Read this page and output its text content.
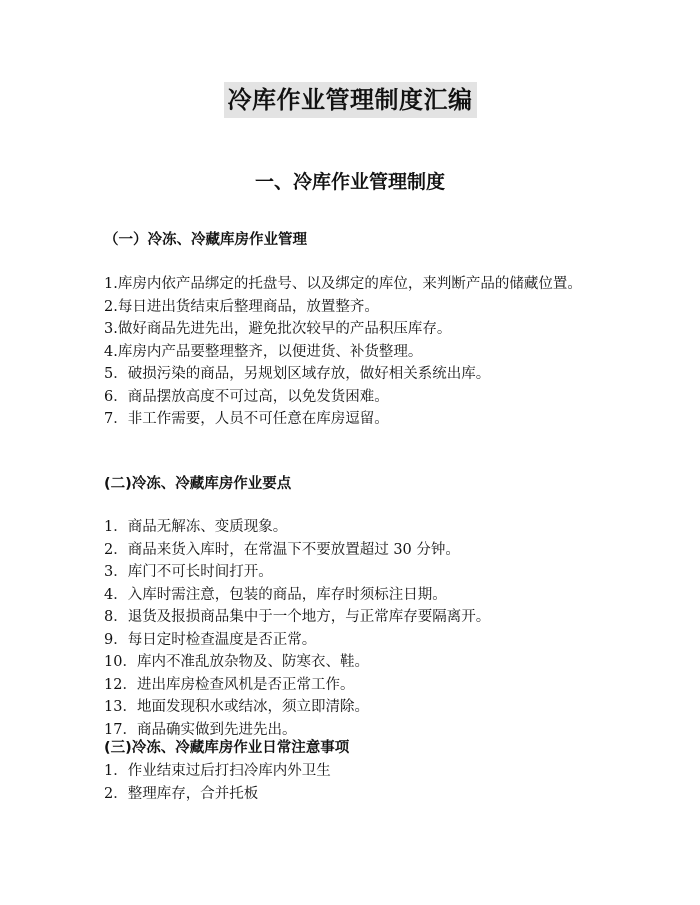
冷库作业管理制度汇编
一、冷库作业管理制度
（一）冷冻、冷藏库房作业管理
1.库房内依产品绑定的托盘号、以及绑定的库位，来判断产品的储藏位置。
2.每日进出货结束后整理商品，放置整齐。
3.做好商品先进先出，避免批次较早的产品积压库存。
4.库房内产品要整理整齐，以便进货、补货整理。
5．破损污染的商品，另规划区域存放，做好相关系统出库。
6．商品摆放高度不可过高，以免发货困难。
7．非工作需要，人员不可任意在库房逗留。
(二)冷冻、冷藏库房作业要点
1．商品无解冻、变质现象。
2．商品来货入库时，在常温下不要放置超过 30 分钟。
3．库门不可长时间打开。
4．入库时需注意，包装的商品，库存时须标注日期。
8．退货及报损商品集中于一个地方，与正常库存要隔离开。
9．每日定时检查温度是否正常。
10．库内不准乱放杂物及、防寒衣、鞋。
12．进出库房检查风机是否正常工作。
13．地面发现积水或结冰，须立即清除。
17．商品确实做到先进先出。
(三)冷冻、冷藏库房作业日常注意事项
1．作业结束过后打扫冷库内外卫生
2．整理库存，合并托板
